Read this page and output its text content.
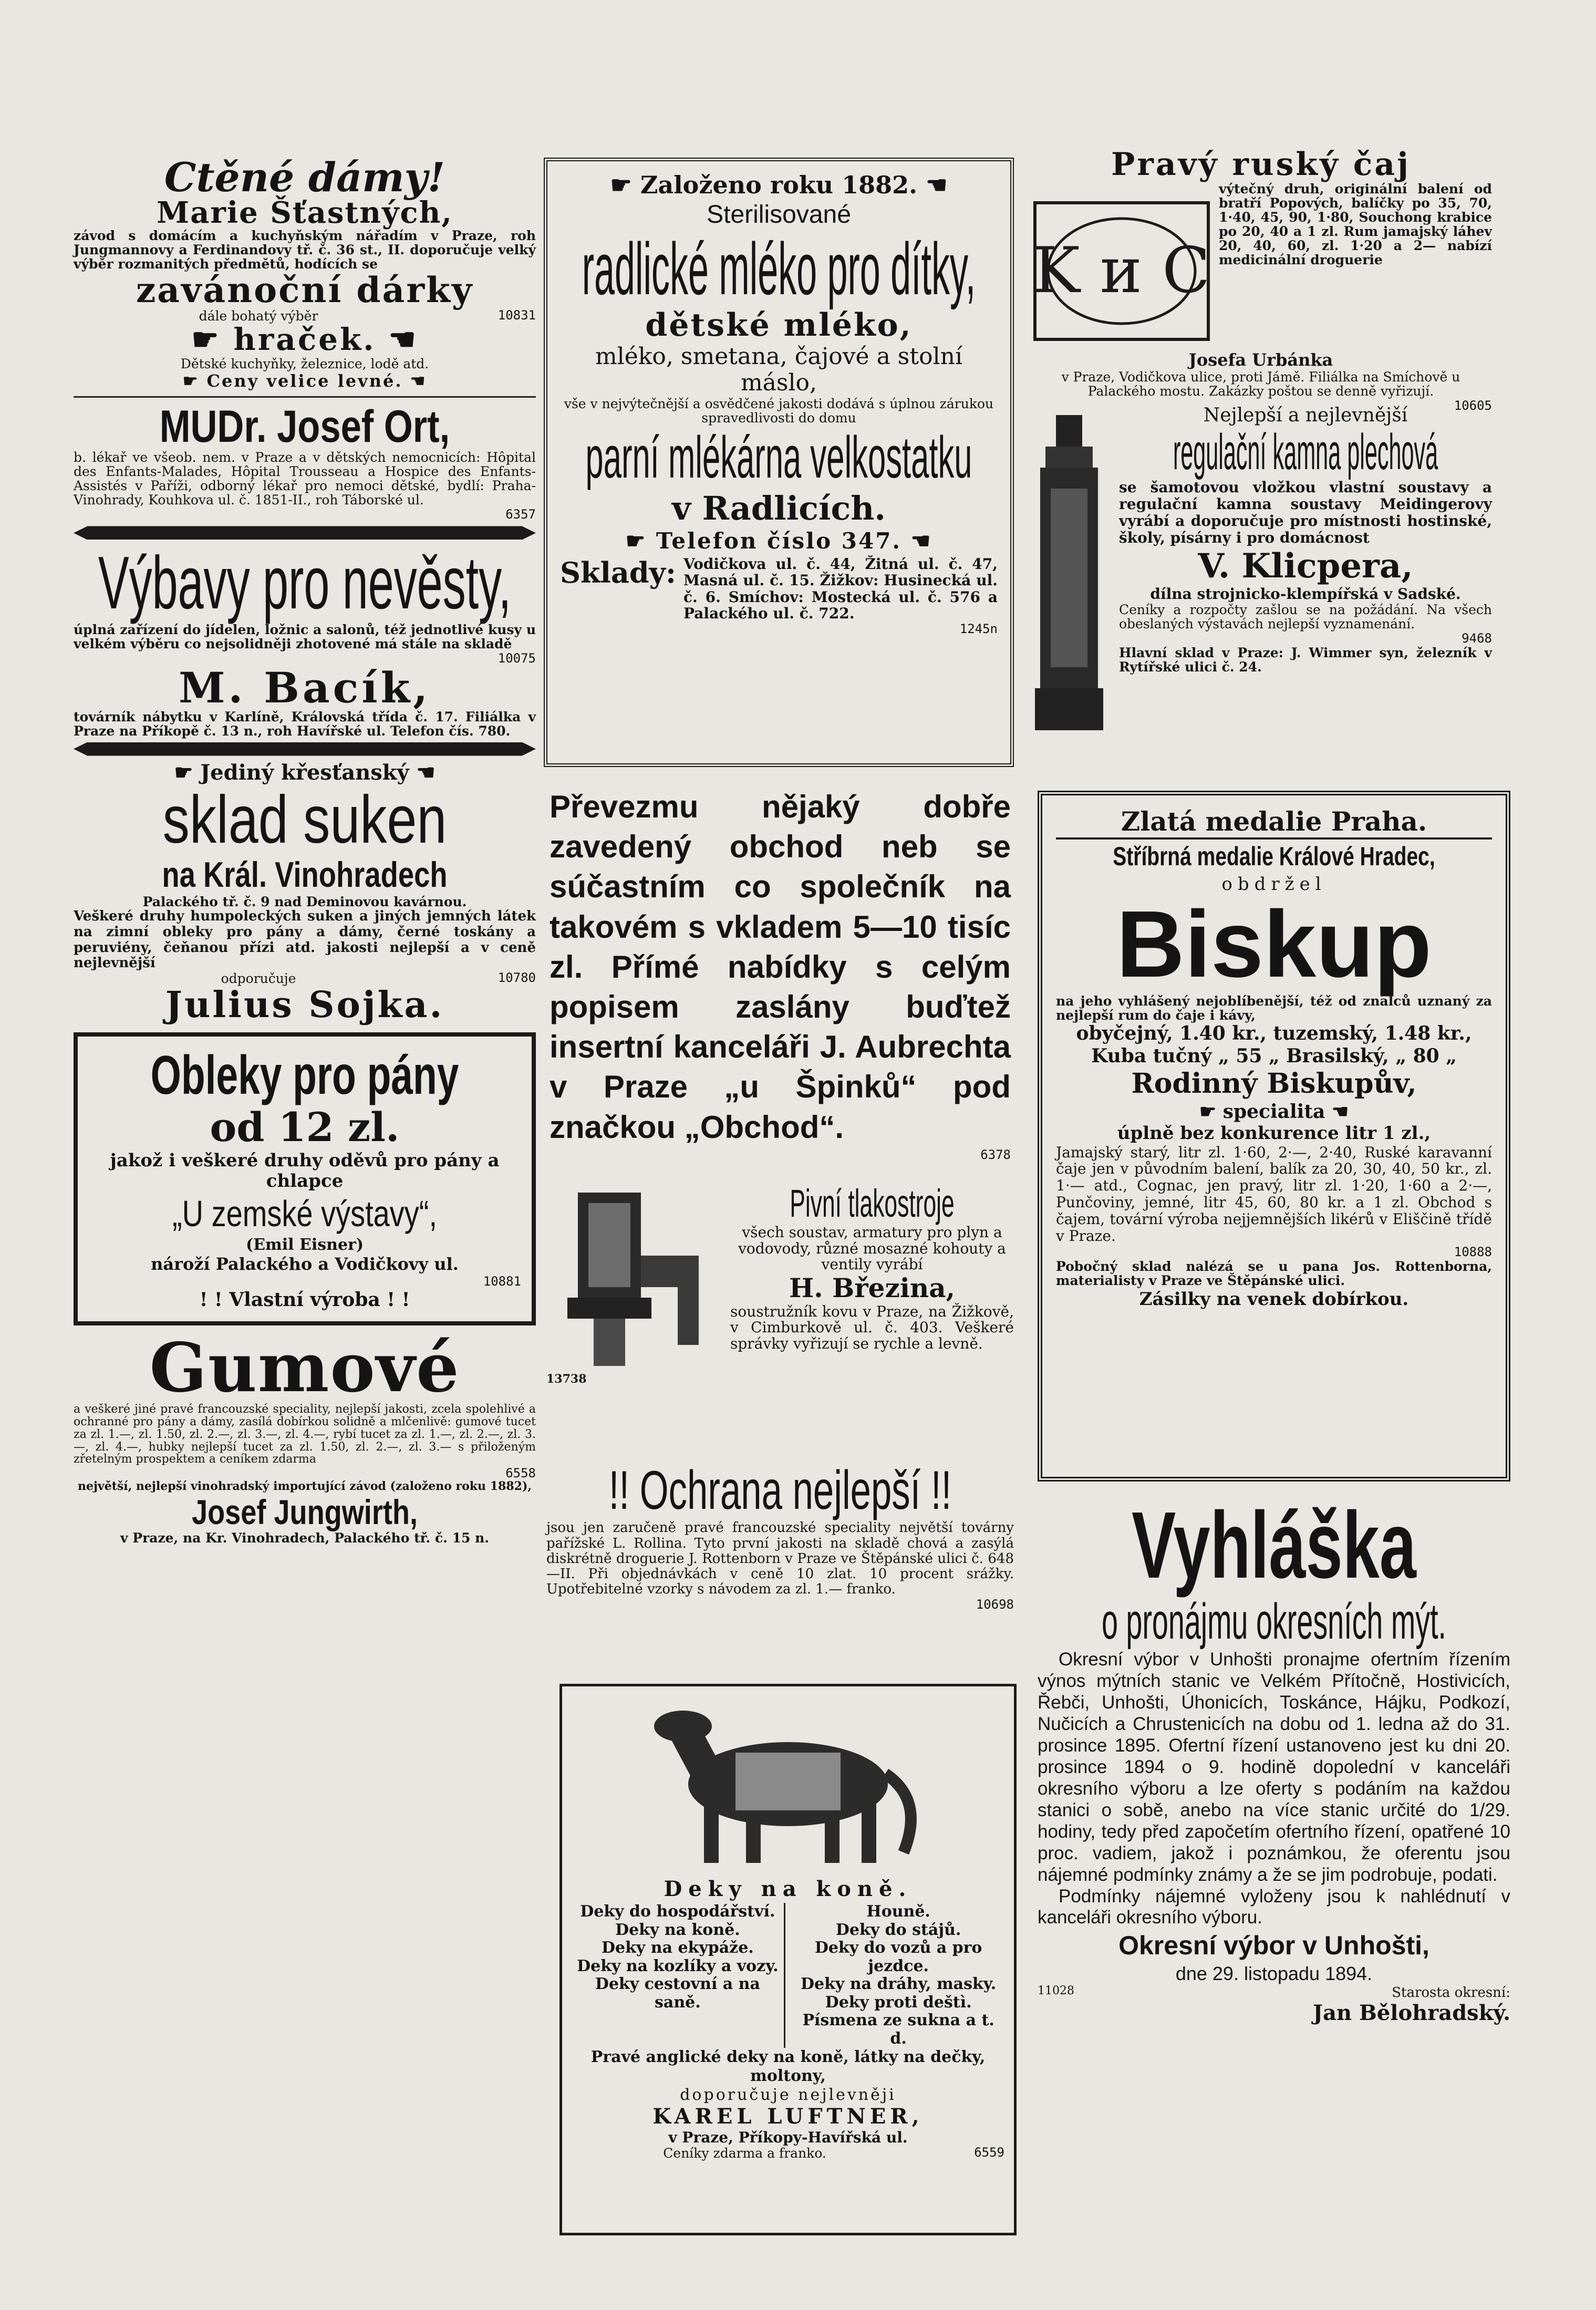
Ctěné dámy!

Marie Šťastných,

závod s domácím a kuchyňským nářadím v Praze, roh Jungmannovy a Ferdinandovy tř. č. 36 st., II. doporučuje velký výběr rozmanitých předmětů, hodících se

zavánoční dárky

dále bohatý výběr	10831

☛ hraček. ☚

Dětské kuchyňky, železnice, lodě atd.

☛ Ceny velice levné. ☚

MUDr. Josef Ort,

b. lékař ve všeob. nem. v Praze a v dětských nemocnicích: Hôpital des Enfants-Malades, Hôpital Trousseau a Hospice des Enfants-Assistés v Paříži, odborný lékař pro nemoci dětské, bydlí: Praha-Vinohrady, Kouhkova ul. č. 1851-II., roh Táborské ul.

6357

Výbavy pro nevěsty,

úplná zařízení do jídelen, ložnic a salonů, též jednotlivé kusy u velkém výběru co nejsolidněji zhotovené má stále na skladě

10075

M. Bacík,

továrník nábytku v Karlíně, Královská třída č. 17. Filiálka v Praze na Příkopě č. 13 n., roh Havířské ul. Telefon čís. 780.

☛ Jediný křesťanský ☚

sklad suken

na Král. Vinohradech

Palackého tř. č. 9 nad Deminovou kavárnou.

Veškeré druhy humpoleckých suken a jiných jemných látek na zimní obleky pro pány a dámy, černé toskány a peruviény, čeňanou přízi atd. jakosti nejlepší a v ceně nejlevnější

odporučuje	10780

Julius Sojka.

Obleky pro pány

od 12 zl.

jakož i veškeré druhy oděvů pro pány a chlapce

„U zemské výstavy“,

(Emil Eisner)

nároží Palackého a Vodičkovy ul.

10881

! ! Vlastní výroba ! !

Gumové

a veškeré jiné pravé francouzské speciality, nejlepší jakosti, zcela spolehlivé a ochranné pro pány a dámy, zasílá dobírkou solidně a mlčenlivě: gumové tucet za zl. 1.—, zl. 1.50, zl. 2.—, zl. 3.—, zl. 4.—, rybí tucet za zl. 1.—, zl. 2.—, zl. 3.—, zl. 4.—, hubky nejlepší tucet za zl. 1.50, zl. 2.—, zl. 3.— s přiloženým zřetelným prospektem a ceníkem zdarma

6558

největší, nejlepší vinohradský importující závod (založeno roku 1882),

Josef Jungwirth,

v Praze, na Kr. Vinohradech, Palackého tř. č. 15 n.

☛ Založeno roku 1882. ☚

Sterilisované

radlické mléko pro dítky,

dětské mléko,

mléko, smetana, čajové a stolní máslo,

vše v nejvýtečnější a osvědčené jakosti dodává s úplnou zárukou spravedlivosti do domu

parní mlékárna velkostatku

v Radlicích.

☛ Telefon číslo 347. ☚

Sklady: Vodičkova ul. č. 44, Žitná ul. č. 47, Masná ul. č. 15. Žižkov: Husinecká ul. č. 6. Smíchov: Mostecká ul. č. 576 a Palackého ul. č. 722.

1245n

Převezmu nějaký dobře zavedený obchod neb se súčastním co společník na takovém s vkladem 5—10 tisíc zl. Přímé nabídky s celým popisem zaslány buďtež insertní kanceláři J. Aubrechta v Praze „u Špinků“ pod značkou „Obchod“.

6378

13738

Pivní tlakostroje

všech soustav, armatury pro plyn a vodovody, různé mosazné kohouty a ventily vyrábí

H. Březina,

soustružník kovu v Praze, na Žižkově, v Cimburkově ul. č. 403. Veškeré správky vyřizují se rychle a levně.

!! Ochrana nejlepší !!

jsou jen zaručeně pravé francouzské speciality největší továrny pařížské L. Rollina. Tyto první jakosti na skladě chová a zasýlá diskrétně droguerie J. Rottenborn v Praze ve Štěpánské ulici č. 648—II. Při objednávkách v ceně 10 zlat. 10 procent srážky. Upotřebitelné vzorky s návodem za zl. 1.— franko.

10698

Deky na koně.

Deky do hospodářství.

Deky na koně.

Deky na ekypáže.

Deky na kozlíky a vozy.

Deky cestovní a na saně.

Houně.

Deky do stájů.

Deky do vozů a pro jezdce.

Deky na dráhy, masky.

Deky proti deštì.

Písmena ze sukna a t. d.

Pravé anglické deky na koně, látky na dečky, moltony,

doporučuje nejlevněji

KAREL LUFTNER,

v Praze, Příkopy-Havířská ul.

Ceníky zdarma a franko.	6559

Pravý ruský čaj

K и C

výtečný druh, originální balení od bratří Popových, balíčky po 35, 70, 1·40, 45, 90, 1·80, Souchong krabice po 20, 40 a 1 zl. Rum jamajský láhev 20, 40, 60, zl. 1·20 a 2— nabízí medicinální droguerie

Josefa Urbánka

v Praze, Vodičkova ulice, proti Jámě. Filiálka na Smíchově u Palackého mostu. Zakázky poštou se denně vyřizují.

10605

Nejlepší a nejlevnější

regulační kamna plechová

se šamotovou vložkou vlastní soustavy a regulační kamna soustavy Meidingerovy vyrábí a doporučuje pro místnosti hostinské, školy, písárny i pro domácnost

V. Klicpera,

dílna strojnicko-klempířská v Sadské.

Ceníky a rozpočty zašlou se na požádání. Na všech obeslaných výstavách nejlepší vyznamenání.

9468

Hlavní sklad v Praze: J. Wimmer syn, železník v Rytířské ulici č. 24.

Zlatá medalie Praha.

Stříbrná medalie Králové Hradec,

obdržel

Biskup

na jeho vyhlášený nejoblíbenější, též od znalců uznaný za nejlepší rum do čaje i kávy,

obyčejný, 1.40 kr., tuzemský, 1.48 kr.,

Kuba tučný „ 55 „ Brasilský, „ 80 „

Rodinný Biskupův,

☛ specialita ☚

úplně bez konkurence litr 1 zl.,

Jamajský starý, litr zl. 1·60, 2·—, 2·40, Ruské karavanní čaje jen v původním balení, balík za 20, 30, 40, 50 kr., zl. 1·— atd., Cognac, jen pravý, litr zl. 1·20, 1·60 a 2·—, Punčoviny, jemné, litr 45, 60, 80 kr. a 1 zl. Obchod s čajem, tovární výroba nejjemnějších likérů v Eliščině třídě v Praze.

10888

Pobočný sklad nalézá se u pana Jos. Rottenborna, materialisty v Praze ve Štěpánské ulici.

Zásilky na venek dobírkou.

Vyhláška

o pronájmu okresních mýt.

Okresní výbor v Unhošti pronajme ofertním řízením výnos mýtních stanic ve Velkém Přítočně, Hostivicích, Řebči, Unhošti, Úhonicích, Toskánce, Hájku, Podkozí, Nučicích a Chrustenicích na dobu od 1. ledna až do 31. prosince 1895. Ofertní řízení ustanoveno jest ku dni 20. prosince 1894 o 9. hodině dopolední v kanceláři okresního výboru a lze oferty s podáním na každou stanici o sobě, anebo na více stanic určité do 1/29. hodiny, tedy před započetím ofertního řízení, opatřené 10 proc. vadiem, jakož i poznámkou, že oferentu jsou nájemné podmínky známy a že se jim podrobuje, podati.

Podmínky nájemné vyloženy jsou k nahlédnutí v kanceláři okresního výboru.

Okresní výbor v Unhošti,

dne 29. listopadu 1894.

11028	Starosta okresní:

Jan Bělohradský.
